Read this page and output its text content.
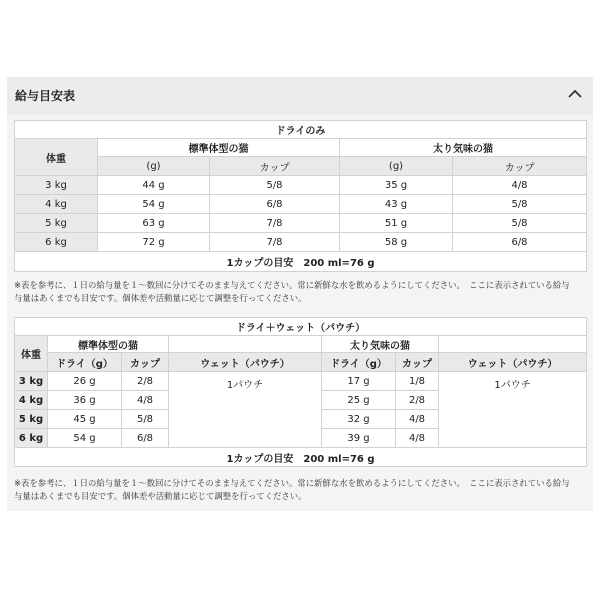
給与目安表
ドライのみ				
体重	標準体型の猫		太り気味の猫	
	(g)	カップ	(g)	カップ
3 kg	44 g	5/8	35 g	4/8
4 kg	54 g	6/8	43 g	5/8
5 kg	63 g	7/8	51 g	5/8
6 kg	72 g	7/8	58 g	6/8
1カップの目安　200 ml=76 g				
※表を参考に、１日の給与量を１～数回に分けてそのまま与えてください。常に新鮮な水を飲めるようにしてください。　ここに表示されている給与
与量はあくまでも目安です。個体差や活動量に応じて調整を行ってください。
ドライ＋ウェット（パウチ）						
体重	標準体型の猫			太り気味の猫		
	ドライ（g）	カップ	ウェット（パウチ）	ドライ（g）	カップ	ウェット（パウチ）
3 kg	26 g	2/8	1パウチ	17 g	1/8	1パウチ
4 kg	36 g	4/8		25 g	2/8	
5 kg	45 g	5/8		32 g	4/8	
6 kg	54 g	6/8		39 g	4/8	
1カップの目安　200 ml=76 g						
※表を参考に、１日の給与量を１～数回に分けてそのまま与えてください。常に新鮮な水を飲めるようにしてください。　ここに表示されている給与
与量はあくまでも目安です。個体差や活動量に応じて調整を行ってください。
